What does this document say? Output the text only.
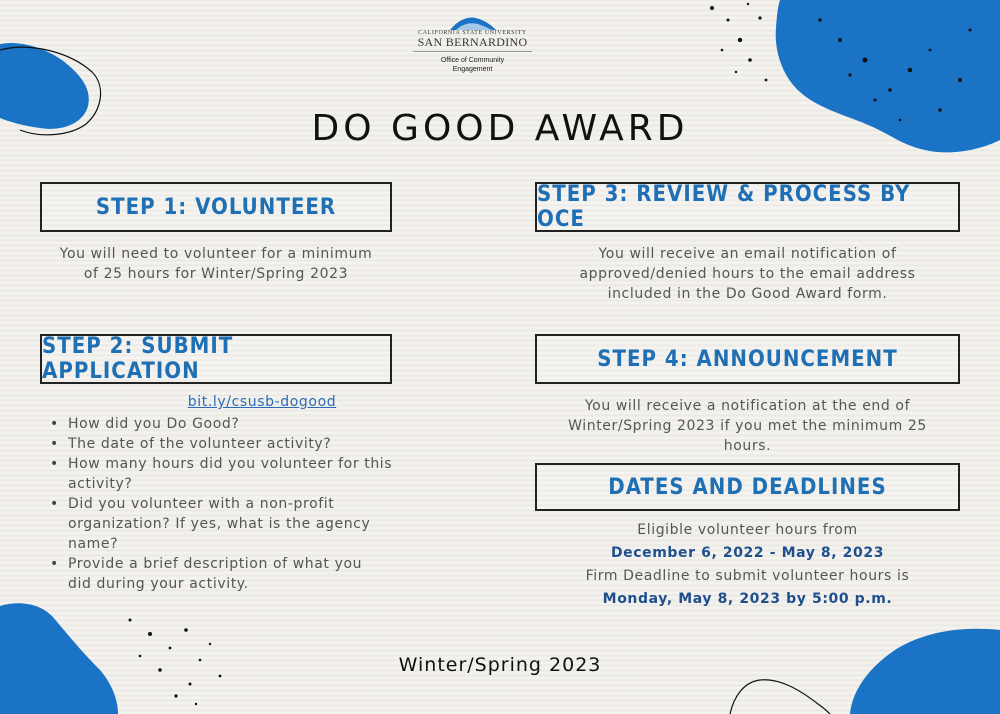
CALIFORNIA STATE UNIVERSITY
SAN BERNARDINO
Office of Community
Engagement
DO GOOD AWARD
STEP 1: VOLUNTEER
You will need to volunteer for a minimum
of 25 hours for Winter/Spring 2023
STEP 2: SUBMIT APPLICATION
bit.ly/csusb-dogood
• How did you Do Good?
• The date of the volunteer activity?
• How many hours did you volunteer for this
activity?
• Did you volunteer with a non-profit
organization? If yes, what is the agency
name?
• Provide a brief description of what you
did during your activity.
STEP 3: REVIEW & PROCESS BY OCE
You will receive an email notification of
approved/denied hours to the email address
included in the Do Good Award form.
STEP 4: ANNOUNCEMENT
You will receive a notification at the end of
Winter/Spring 2023 if you met the minimum 25
hours.
DATES AND DEADLINES
Eligible volunteer hours from
December 6, 2022 - May 8, 2023
Firm Deadline to submit volunteer hours is
Monday, May 8, 2023 by 5:00 p.m.
Winter/Spring 2023
